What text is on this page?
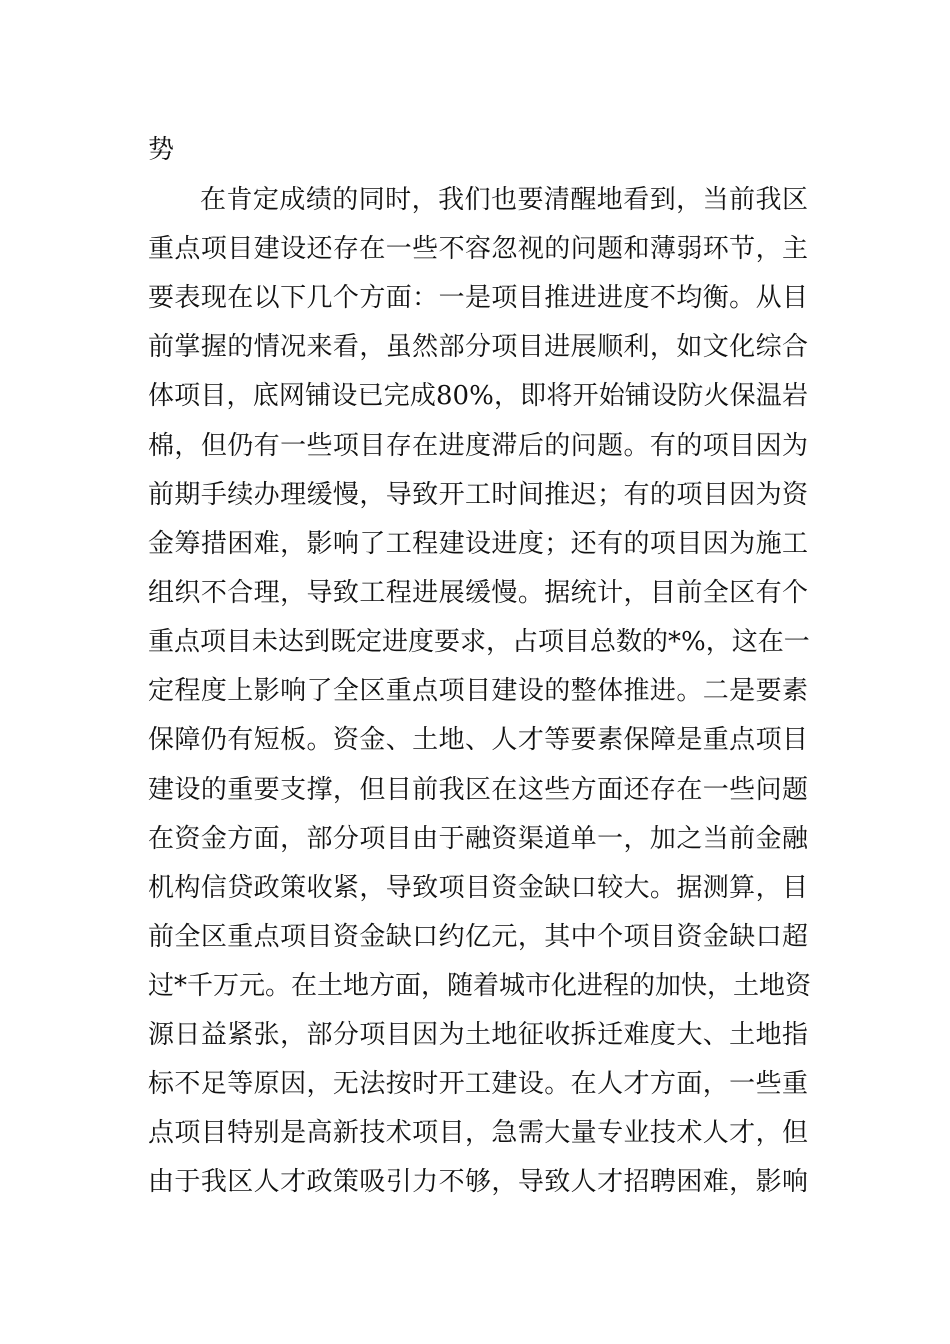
势
在肯定成绩的同时，我们也要清醒地看到，当前我区
重点项目建设还存在一些不容忽视的问题和薄弱环节，主
要表现在以下几个方面：一是项目推进进度不均衡。从目
前掌握的情况来看，虽然部分项目进展顺利，如文化综合
体项目，底网铺设已完成80%，即将开始铺设防火保温岩
棉，但仍有一些项目存在进度滞后的问题。有的项目因为
前期手续办理缓慢，导致开工时间推迟；有的项目因为资
金筹措困难，影响了工程建设进度；还有的项目因为施工
组织不合理，导致工程进展缓慢。据统计，目前全区有个
重点项目未达到既定进度要求，占项目总数的*%，这在一
定程度上影响了全区重点项目建设的整体推进。二是要素
保障仍有短板。资金、土地、人才等要素保障是重点项目
建设的重要支撑，但目前我区在这些方面还存在一些问题
在资金方面，部分项目由于融资渠道单一，加之当前金融
机构信贷政策收紧，导致项目资金缺口较大。据测算，目
前全区重点项目资金缺口约亿元，其中个项目资金缺口超
过*千万元。在土地方面，随着城市化进程的加快，土地资
源日益紧张，部分项目因为土地征收拆迁难度大、土地指
标不足等原因，无法按时开工建设。在人才方面，一些重
点项目特别是高新技术项目，急需大量专业技术人才，但
由于我区人才政策吸引力不够，导致人才招聘困难，影响
